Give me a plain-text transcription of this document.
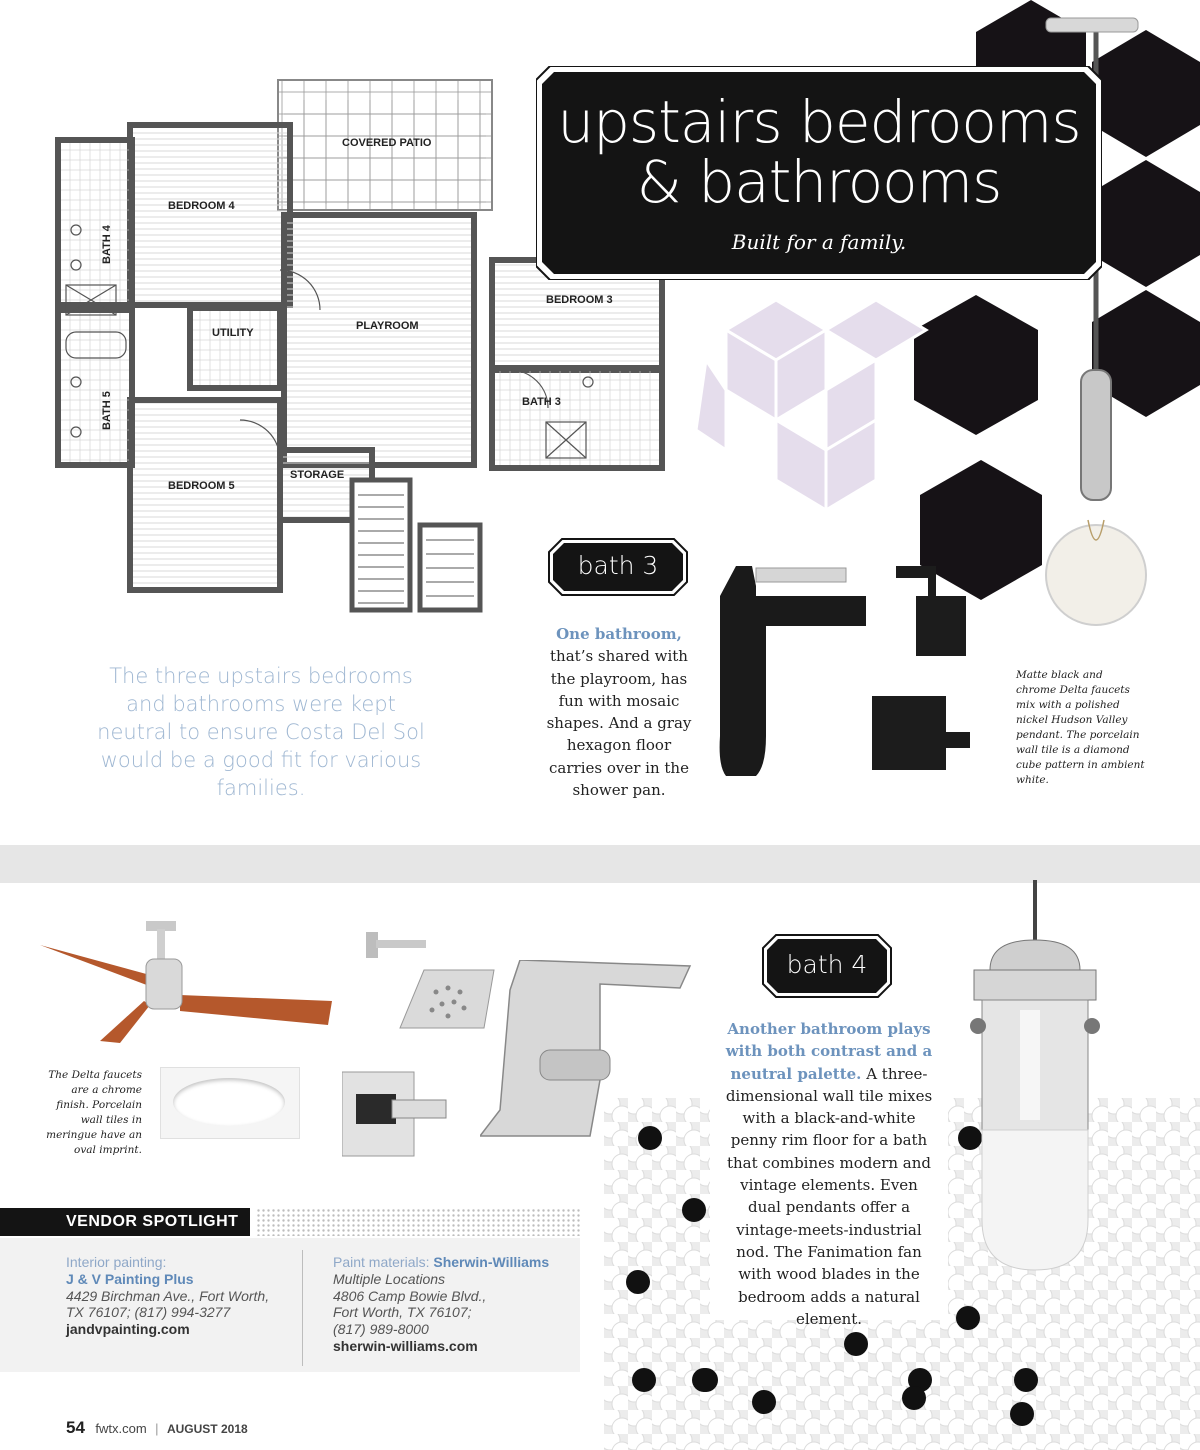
COVERED PATIO
BEDROOM 4
BATH 4
BATH 5
UTILITY
PLAYROOM
BEDROOM 3
BATH 3
STORAGE
BEDROOM 5
upstairs bedrooms
& bathrooms
Built for a family.
The three upstairs bedrooms and bathrooms were kept neutral to ensure Costa Del Sol would be a good fit for various families.
bath 3
One bathroom, that’s shared with the playroom, has fun with mosaic shapes. And a gray hexagon floor carries over in the shower pan.
Matte black and chrome Delta faucets mix with a polished nickel Hudson Valley pendant. The porcelain wall tile is a diamond cube pattern in ambient white.
The Delta faucets are a chrome finish. Porcelain wall tiles in meringue have an oval imprint.
bath 4
Another bathroom plays with both contrast and a neutral palette. A three-dimensional wall tile mixes with a black-and-white penny rim floor for a bath that combines modern and vintage elements. Even dual pendants offer a vintage-meets-industrial nod. The Fanimation fan with wood blades in the bedroom adds a natural element.
VENDOR SPOTLIGHT
Interior painting:
J & V Painting Plus
4429 Birchman Ave., Fort Worth,
TX 76107; (817) 994-3277
jandvpainting.com
Paint materials: Sherwin-Williams
Multiple Locations
4806 Camp Bowie Blvd.,
Fort Worth, TX 76107;
(817) 989-8000
sherwin-williams.com
54 fwtx.com | AUGUST 2018
